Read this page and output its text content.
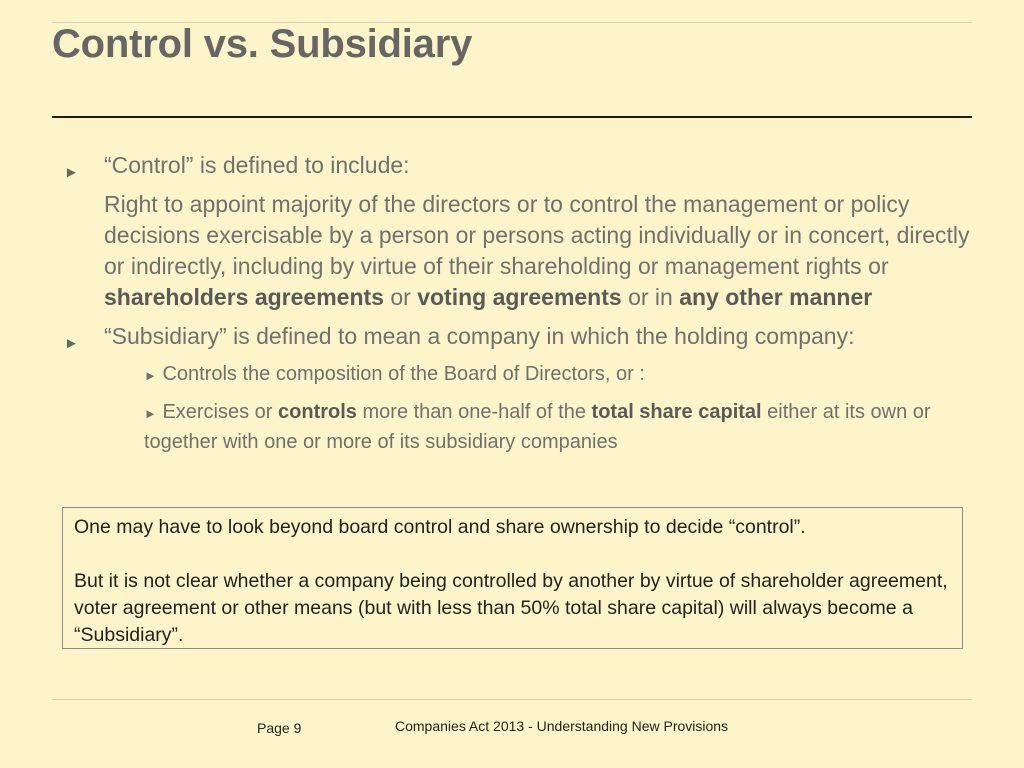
Control vs. Subsidiary
► “Control” is defined to include:
Right to appoint majority of the directors or to control the management or policy decisions exercisable by a person or persons acting individually or in concert, directly or indirectly, including by virtue of their shareholding or management rights or shareholders agreements or voting agreements or in any other manner
► “Subsidiary” is defined to mean a company in which the holding company:
► Controls the composition of the Board of Directors, or :
► Exercises or controls more than one-half of the total share capital either at its own or together with one or more of its subsidiary companies

One may have to look beyond board control and share ownership to decide “control”.

But it is not clear whether a company being controlled by another by virtue of shareholder agreement, voter agreement or other means (but with less than 50% total share capital) will always become a “Subsidiary”.

Page 9	Companies Act 2013 - Understanding New Provisions
